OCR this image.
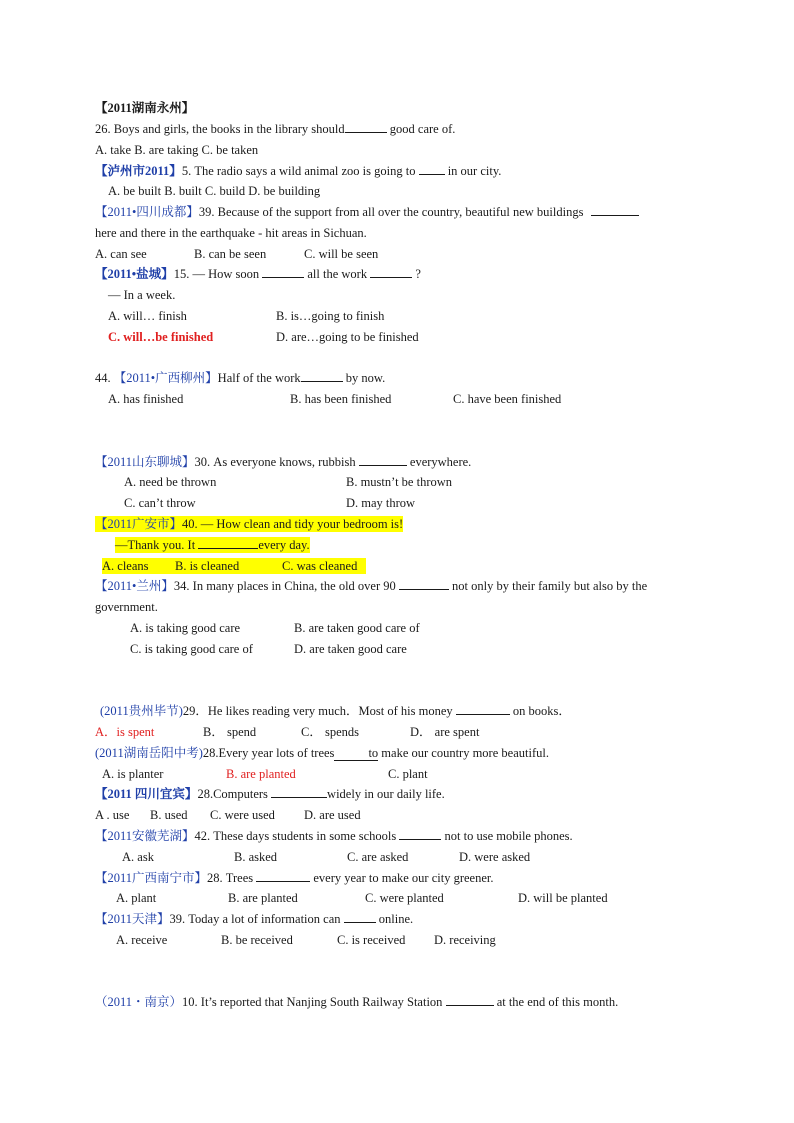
【2011湖南永州】
26. Boys and girls, the books in the library should	good care of.
A. take B. are taking C. be taken
【泸州市2011】5. The radio says a wild animal zoo is going to  in our city.
A. be built B. built C. build D. be building
【2011•四川成都】39. Because of the support from all over the country, beautiful new buildings
here and there in the earthquake - hit areas in Sichuan.
A. can see	B. can be seen	C. will be seen
【2011•盐城】15. — How soon	all the work	?
— In a week.
A. will… finish	B. is…going to finish
C. will…be finished	D. are…going to be finished
44. 【2011•广西柳州】Half of the work	by now.
A. has finished	B. has been finished	C. have been finished
【2011山东聊城】30. As everyone knows, rubbish	everywhere.
A. need be thrown	B. mustn’t be thrown
C. can’t throw	D. may throw
【2011广安市】40. — How clean and tidy your bedroom is!
—Thank you. It	every day.
A. cleans B. is cleaned	C. was cleaned
【2011•兰州】34. In many places in China, the old over 90	not only by their family but also by the
government.
A. is taking good care	B. are taken good care of
C. is taking good care of	D. are taken good care
(2011贵州毕节)29．He likes reading very much．Most of his money	on books．
A．is spent	B． spend	C． spends	D． are spent
(2011湖南岳阳中考)28.Every year lots of trees	to make our country more beautiful.
A. is planter	B. are planted	C. plant
【2011 四川宜宾】28.Computers	widely in our daily life.
A . use B. used C. were used D. are used
【2011安徽芜湖】42. These days students in some schools	not to use mobile phones.
A. ask	B. asked	C. are asked	D. were asked
【2011广西南宁市】28. Trees	every year to make our city greener.
A. plant	B. are planted	C. were planted	D. will be planted
【2011天津】39. Today a lot of information can	online.
A. receive	B. be received	C. is received D. receiving
（2011・南京）10. It’s reported that Nanjing South Railway Station	at the end of this month.
